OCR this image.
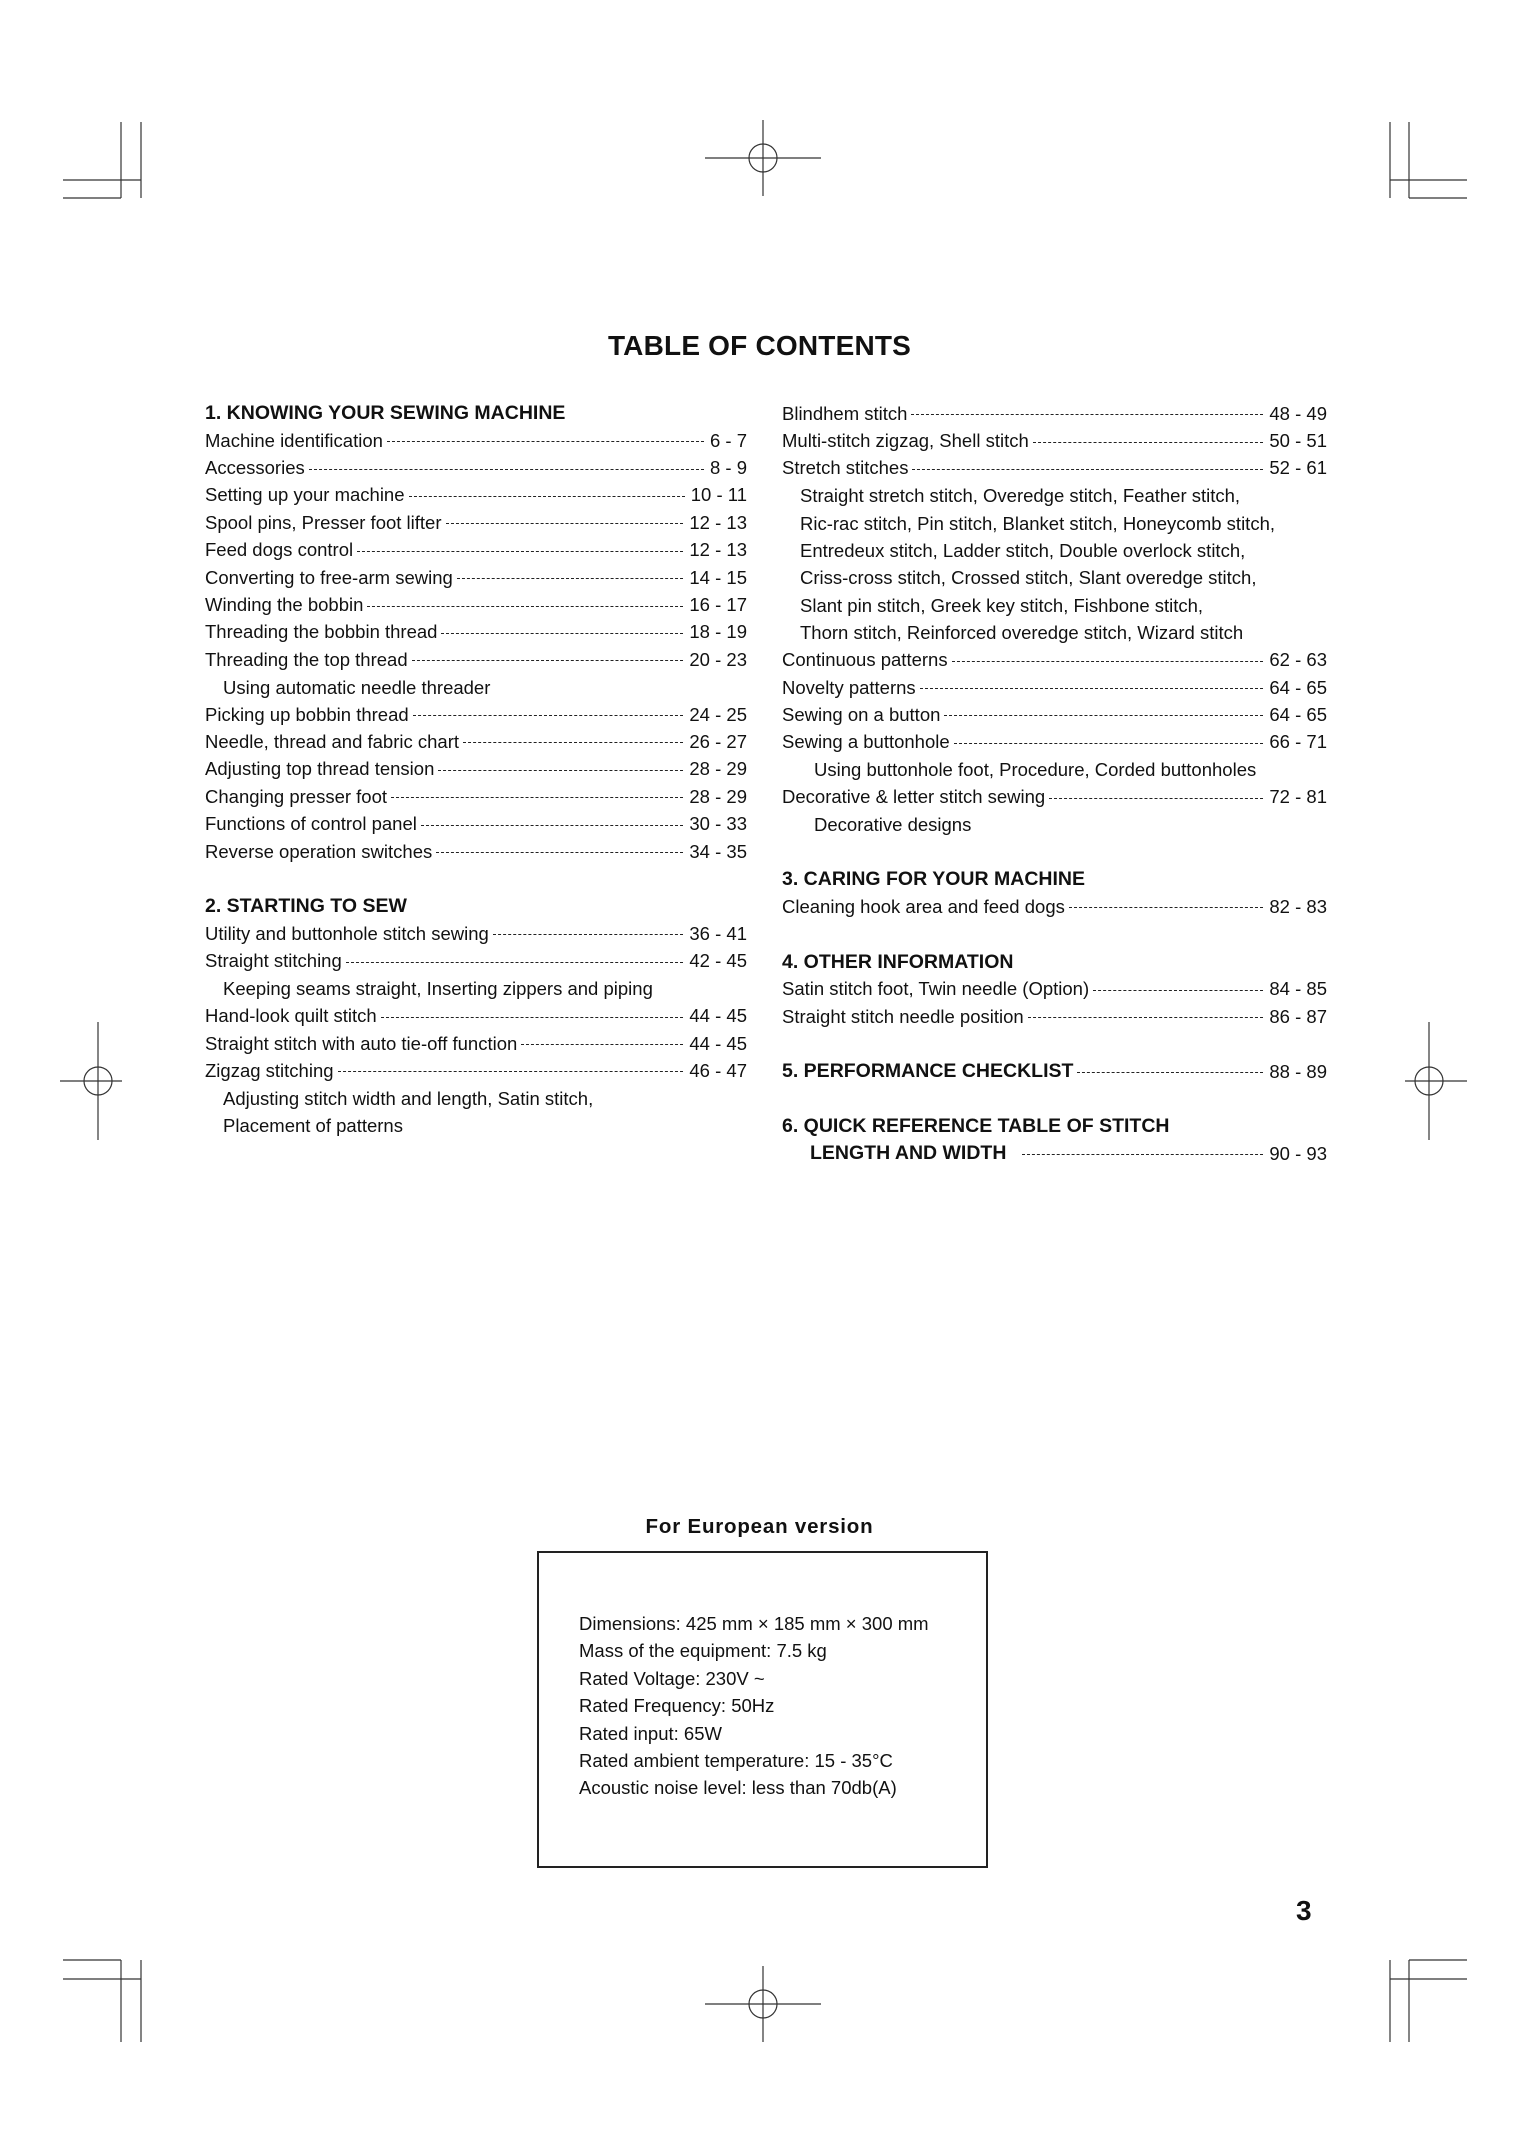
TABLE OF CONTENTS
1. KNOWING YOUR SEWING MACHINE
Machine identification	6 - 7
Accessories	8 - 9
Setting up your machine	10 - 11
Spool pins, Presser foot lifter	12 - 13
Feed dogs control	12 - 13
Converting to free-arm sewing	14 - 15
Winding the bobbin	16 - 17
Threading the bobbin thread	18 - 19
Threading the top thread	20 - 23
Using automatic needle threader
Picking up bobbin thread	24 - 25
Needle, thread and fabric chart	26 - 27
Adjusting top thread tension	28 - 29
Changing presser foot	28 - 29
Functions of control panel	30 - 33
Reverse operation switches	34 - 35
2. STARTING TO SEW
Utility and buttonhole stitch sewing	36 - 41
Straight stitching	42 - 45
Keeping seams straight, Inserting zippers and piping
Hand-look quilt stitch	44 - 45
Straight stitch with auto tie-off function	44 - 45
Zigzag stitching	46 - 47
Adjusting stitch width and length, Satin stitch,
Placement of patterns
Blindhem stitch	48 - 49
Multi-stitch zigzag, Shell stitch	50 - 51
Stretch stitches	52 - 61
Straight stretch stitch, Overedge stitch, Feather stitch,
Ric-rac stitch, Pin stitch, Blanket stitch, Honeycomb stitch,
Entredeux stitch, Ladder stitch, Double overlock stitch,
Criss-cross stitch, Crossed stitch, Slant overedge stitch,
Slant pin stitch, Greek key stitch, Fishbone stitch,
Thorn stitch, Reinforced overedge stitch, Wizard stitch
Continuous patterns	62 - 63
Novelty patterns	64 - 65
Sewing on a button	64 - 65
Sewing a buttonhole	66 - 71
Using buttonhole foot, Procedure, Corded buttonholes
Decorative & letter stitch sewing	72 - 81
Decorative designs
3. CARING FOR YOUR MACHINE
Cleaning hook area and feed dogs	82 - 83
4. OTHER INFORMATION
Satin stitch foot, Twin needle (Option)	84 - 85
Straight stitch needle position	86 - 87
5. PERFORMANCE CHECKLIST	88 - 89
6. QUICK REFERENCE TABLE OF STITCH
LENGTH AND WIDTH	90 - 93
For European version
Dimensions: 425 mm × 185 mm × 300 mm
Mass of the equipment: 7.5 kg
Rated Voltage: 230V ~
Rated Frequency: 50Hz
Rated input: 65W
Rated ambient temperature: 15 - 35°C
Acoustic noise level: less than 70db(A)
3
